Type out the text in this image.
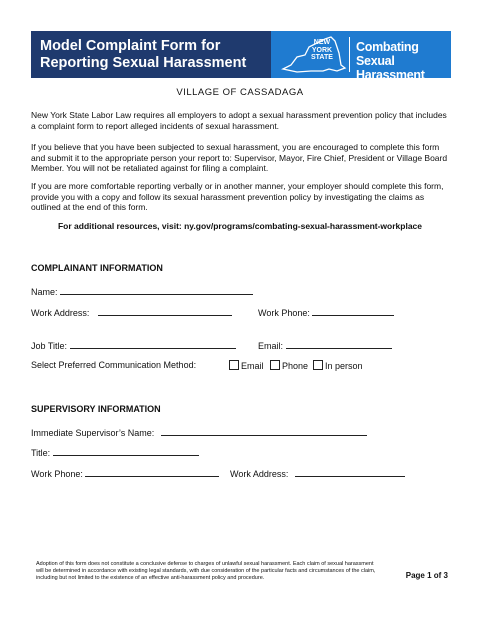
Model Complaint Form for
Reporting Sexual Harassment
NEW
YORK
STATE
Combating
Sexual Harassment
VILLAGE OF CASSADAGA
New York State Labor Law requires all employers to adopt a sexual harassment prevention policy that includes a complaint form to report alleged incidents of sexual harassment.
If you believe that you have been subjected to sexual harassment, you are encouraged to complete this form and submit it to the appropriate person your report to: Supervisor, Mayor, Fire Chief, President or Village Board Member. You will not be retaliated against for filing a complaint.
If you are more comfortable reporting verbally or in another manner, your employer should complete this form, provide you with a copy and follow its sexual harassment prevention policy by investigating the claims as outlined at the end of this form.
For additional resources, visit: ny.gov/programs/combating-sexual-harassment-workplace
COMPLAINANT INFORMATION
Name:
Work Address:	Work Phone:
Job Title:	Email:
Select Preferred Communication Method:	Email	Phone	In person
SUPERVISORY INFORMATION
Immediate Supervisor’s Name:
Title:
Work Phone:	Work Address:
Adoption of this form does not constitute a conclusive defense to charges of unlawful sexual harassment. Each claim of sexual harassment will be determined in accordance with existing legal standards, with due consideration of the particular facts and circumstances of the claim, including but not limited to the existence of an effective anti-harassment policy and procedure.	Page 1 of 3
